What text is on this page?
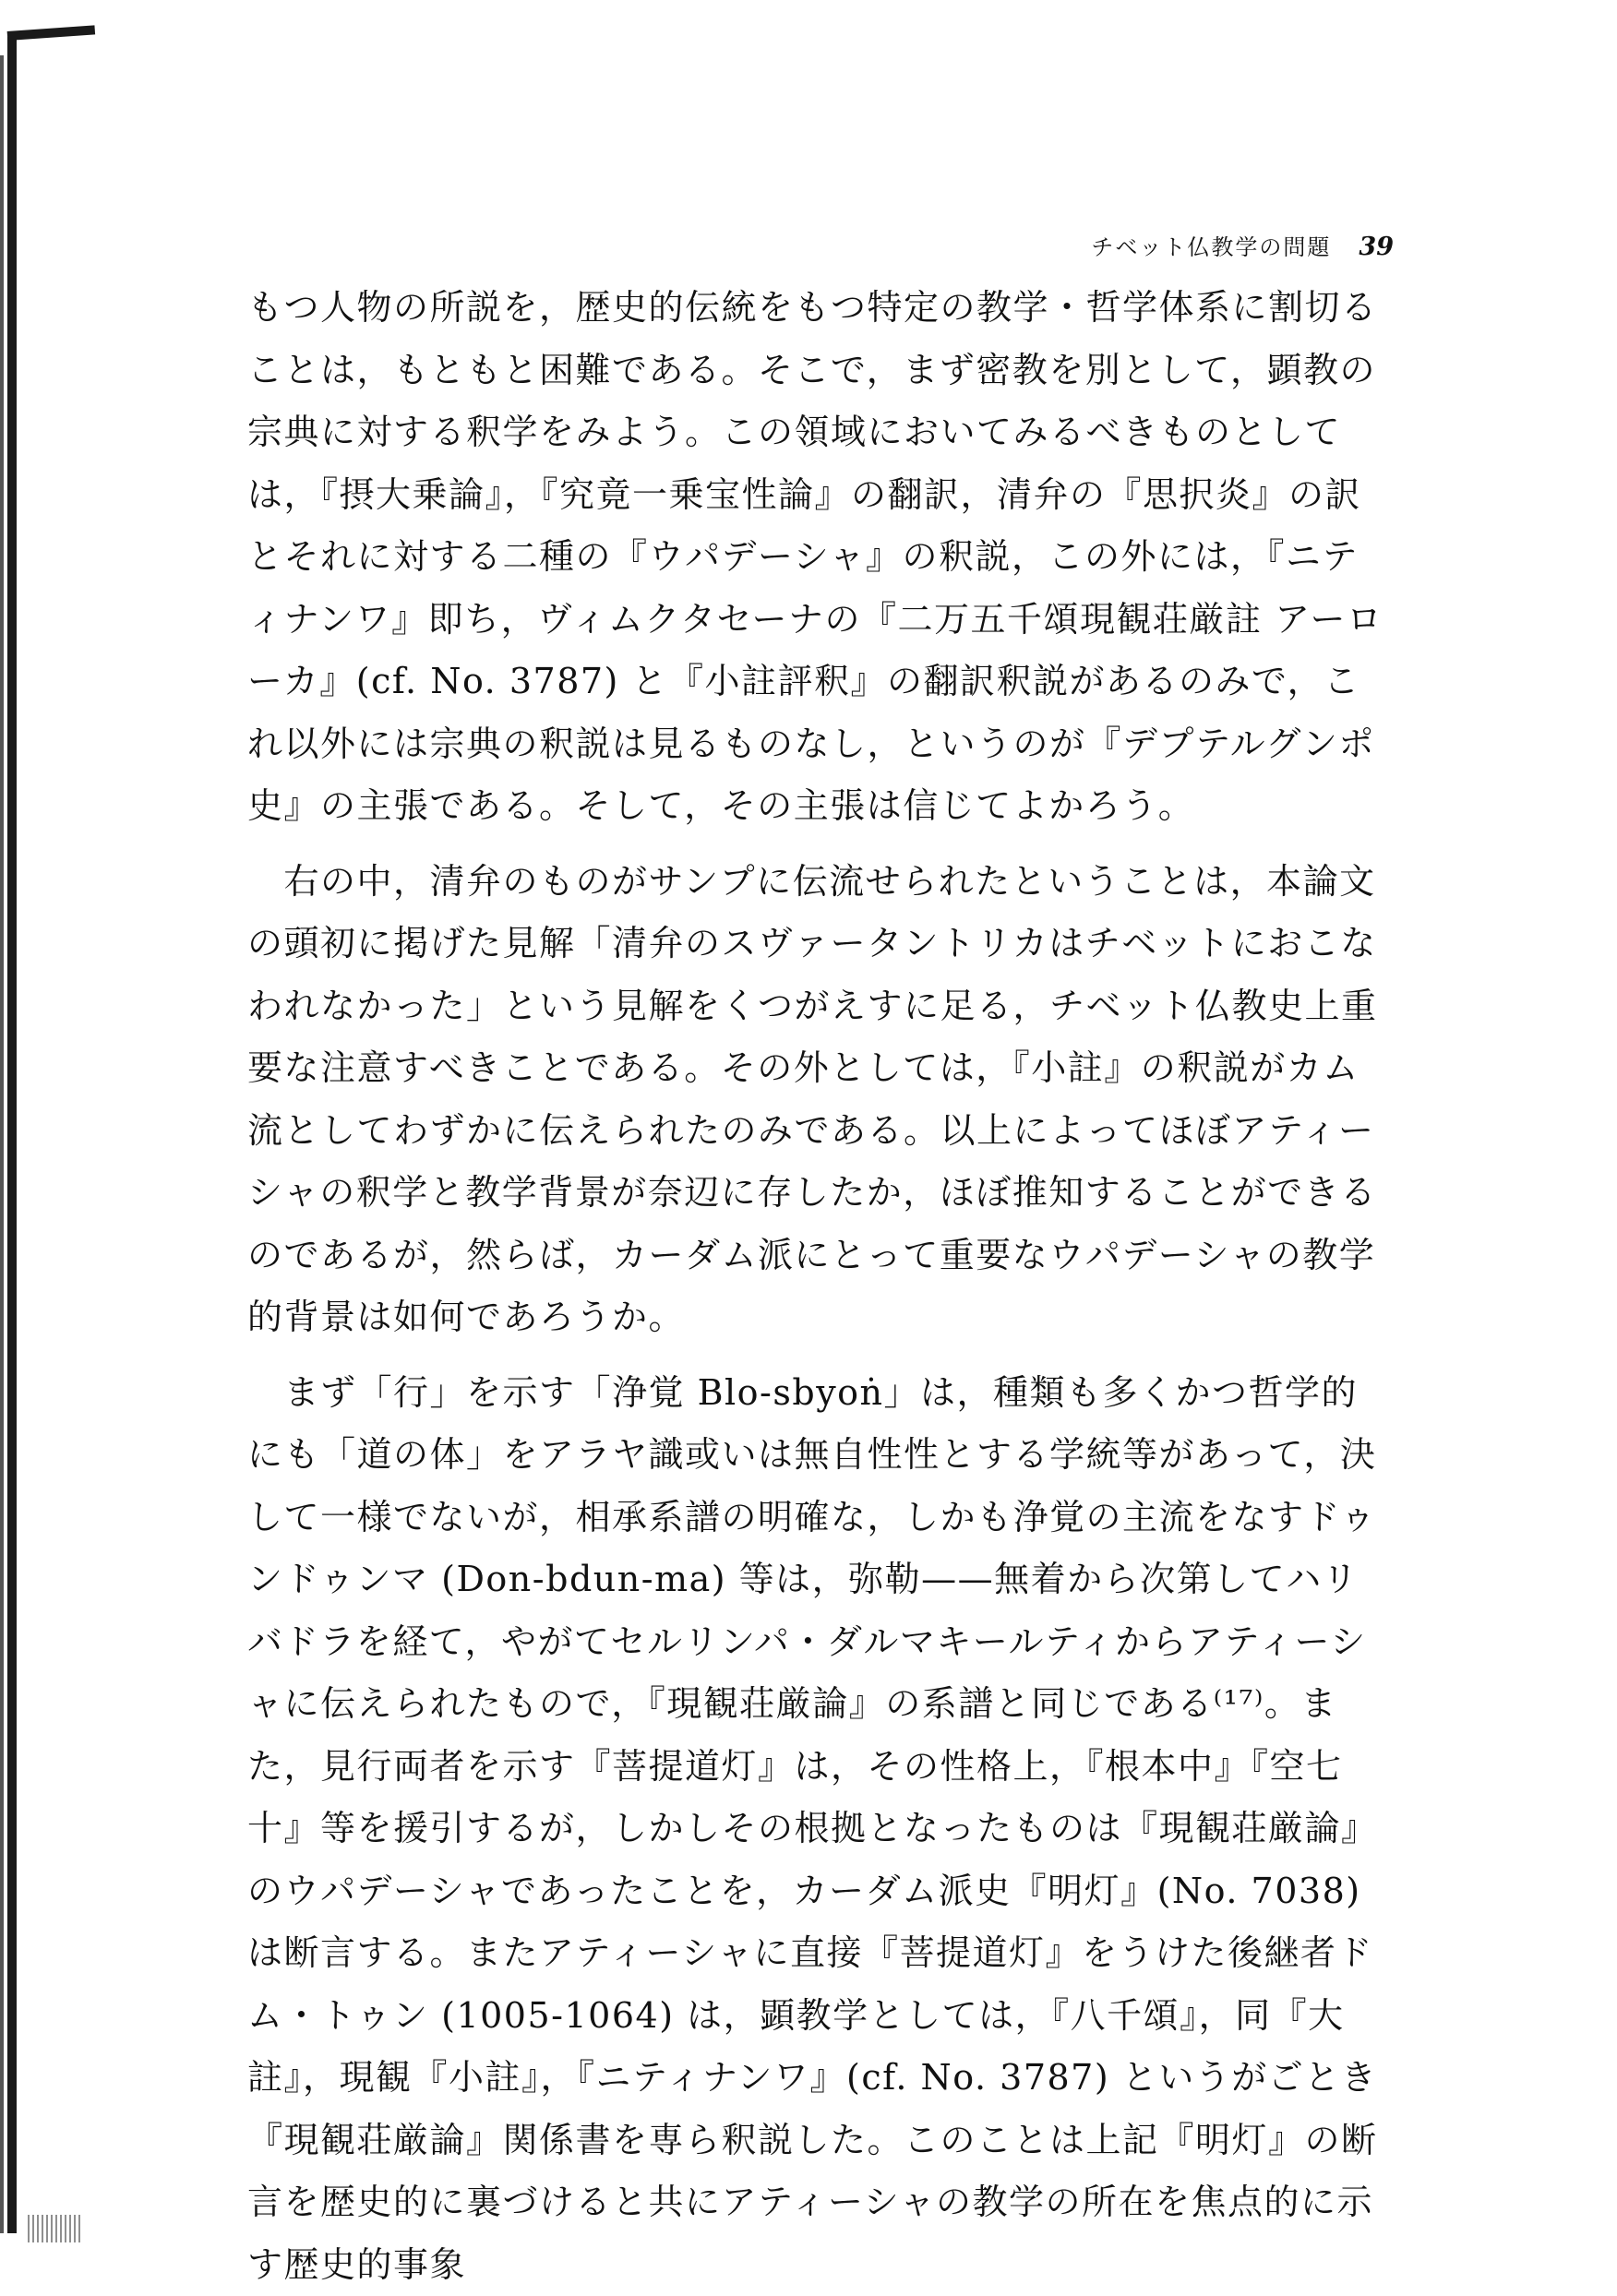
チベット仏教学の問題 39

もつ人物の所説を，歴史的伝統をもつ特定の教学・哲学体系に割切ることは，もともと困難である。そこで，まず密教を別として，顕教の宗典に対する釈学をみよう。この領域においてみるべきものとしては，『摂大乗論』，『究竟一乗宝性論』の翻訳，清弁の『思択炎』の訳とそれに対する二種の『ウパデーシャ』の釈説，この外には，『ニティナンワ』即ち，ヴィムクタセーナの『二万五千頌現観荘厳註 アーローカ』(cf. No. 3787) と『小註評釈』の翻訳釈説があるのみで，これ以外には宗典の釈説は見るものなし，というのが『デプテルグンポ史』の主張である。そして，その主張は信じてよかろう。

　右の中，清弁のものがサンプに伝流せられたということは，本論文の頭初に掲げた見解「清弁のスヴァータントリカはチベットにおこなわれなかった」という見解をくつがえすに足る，チベット仏教史上重要な注意すべきことである。その外としては，『小註』の釈説がカム流としてわずかに伝えられたのみである。以上によってほぼアティーシャの釈学と教学背景が奈辺に存したか，ほぼ推知することができるのであるが，然らば，カーダム派にとって重要なウパデーシャの教学的背景は如何であろうか。

　まず「行」を示す「浄覚 Blo-sbyoṅ」は，種類も多くかつ哲学的にも「道の体」をアラヤ識或いは無自性性とする学統等があって，決して一様でないが，相承系譜の明確な，しかも浄覚の主流をなすドゥンドゥンマ (Don-bdun-ma) 等は，弥勒——無着から次第してハリバドラを経て，やがてセルリンパ・ダルマキールティからアティーシャに伝えられたもので，『現観荘厳論』の系譜と同じである⁽¹⁷⁾。また，見行両者を示す『菩提道灯』は，その性格上，『根本中』『空七十』等を援引するが，しかしその根拠となったものは『現観荘厳論』のウパデーシャであったことを，カーダム派史『明灯』(No. 7038) は断言する。またアティーシャに直接『菩提道灯』をうけた後継者ドム・トゥン (1005-1064) は，顕教学としては，『八千頌』，同『大註』，現観『小註』，『ニティナンワ』(cf. No. 3787) というがごとき『現観荘厳論』関係書を専ら釈説した。このことは上記『明灯』の断言を歴史的に裏づけると共にアティーシャの教学の所在を焦点的に示す歴史的事象
